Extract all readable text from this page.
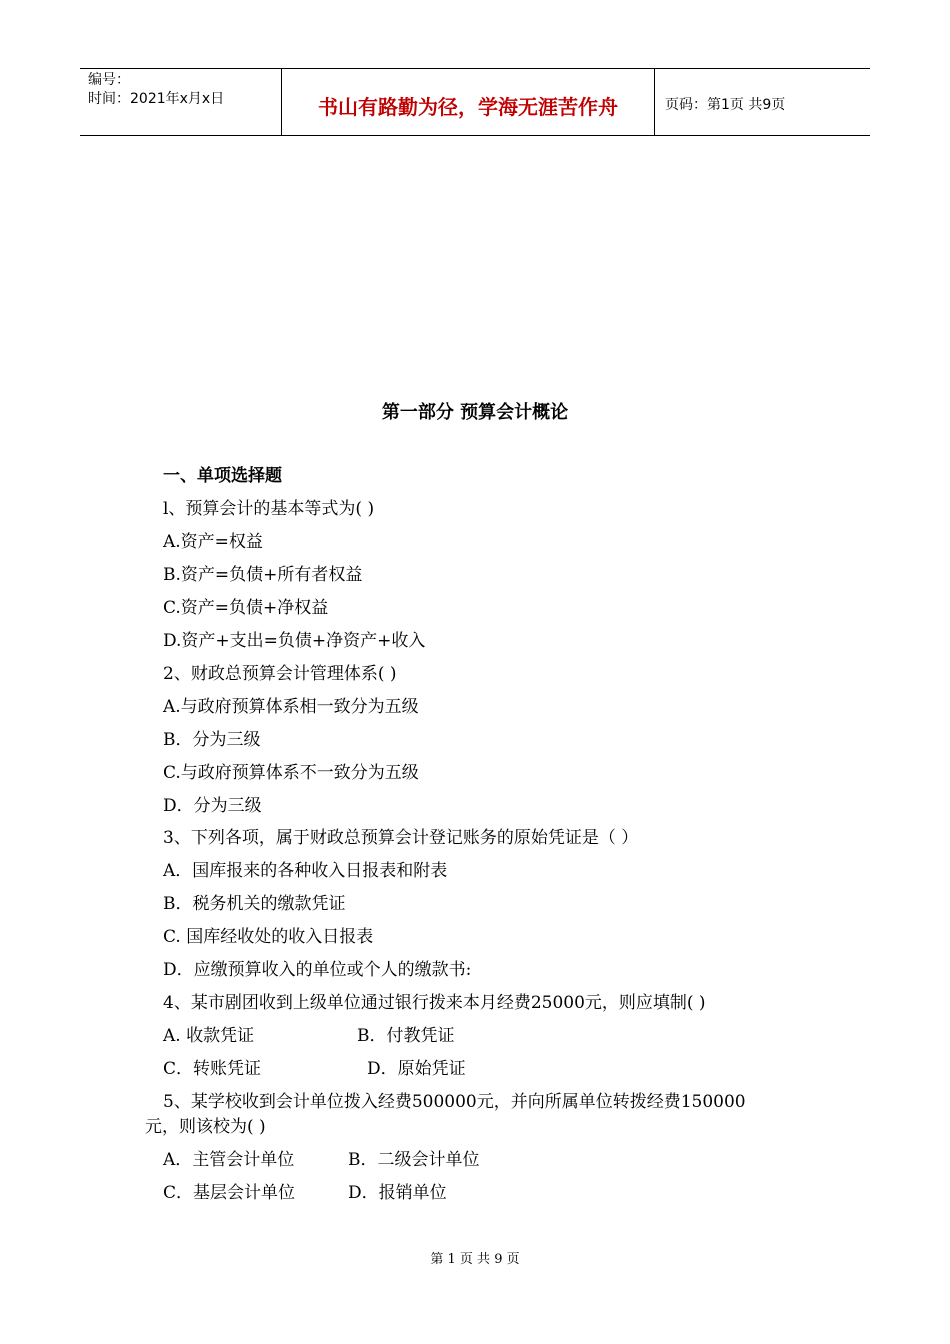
编号：
时间：2021年x月x日	书山有路勤为径，学海无涯苦作舟	页码：第1页 共9页
第一部分 预算会计概论
一、单项选择题
l、预算会计的基本等式为( )
A.资产=权益
B.资产=负债+所有者权益
C.资产=负债+净权益
D.资产+支出=负债+净资产+收入
2、财政总预算会计管理体系( )
A.与政府预算体系相一致分为五级
B．分为三级
C.与政府预算体系不一致分为五级
D．分为三级
3、下列各项，属于财政总预算会计登记账务的原始凭证是（ ）
A．国库报来的各种收入日报表和附表
B．税务机关的缴款凭证
C. 国库经收处的收入日报表
D．应缴预算收入的单位或个人的缴款书:
4、某市剧团收到上级单位通过银行拨来本月经费25000元，则应填制( )
A. 收款凭证	B．付教凭证
C．转账凭证	D．原始凭证
5、某学校收到会计单位拨入经费500000元，并向所属单位转拨经费150000
元，则该校为( )
A．主管会计单位	B．二级会计单位
C．基层会计单位	D．报销单位
第 1 页 共 9 页
